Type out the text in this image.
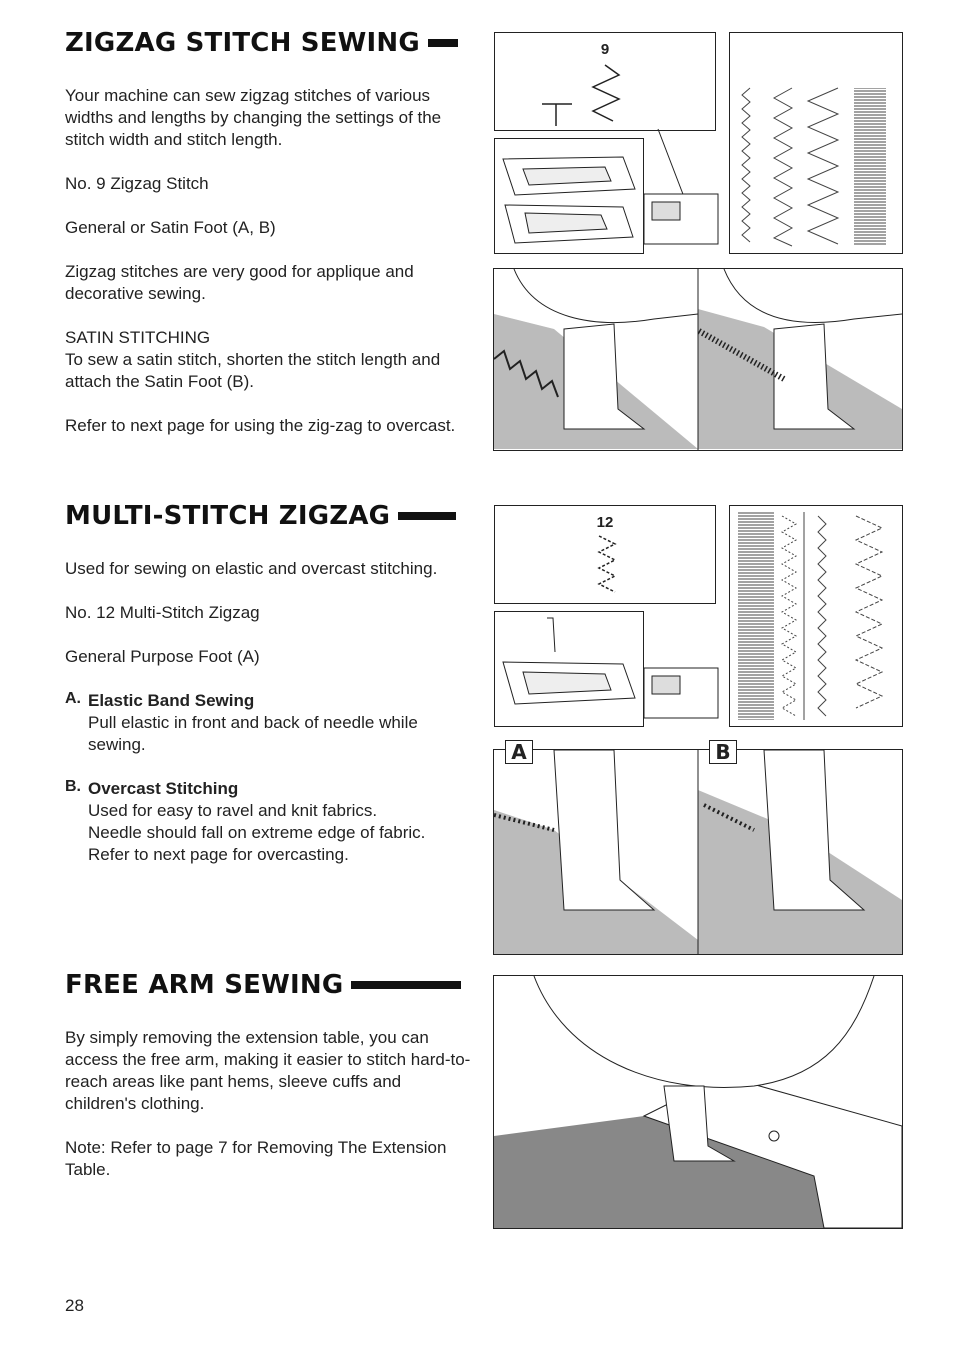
ZIGZAG STITCH SEWING

Your machine can sew zigzag stitches of various widths and lengths by changing the settings of the stitch width and stitch length.

No. 9 Zigzag Stitch

General or Satin Foot (A, B)

Zigzag stitches are very good for applique and decorative sewing.

SATIN STITCHING

To sew a satin stitch, shorten the stitch length and attach the Satin Foot (B).

Refer to next page for using the zig-zag to overcast.

MULTI-STITCH ZIGZAG

Used for sewing on elastic and overcast stitching.

No. 12 Multi-Stitch Zigzag

General Purpose Foot (A)

A. Elastic Band Sewing

Pull elastic in front and back of needle while sewing.

B. Overcast Stitching

Used for easy to ravel and knit fabrics.

Needle should fall on extreme edge of fabric.

Refer to next page for overcasting.

FREE ARM SEWING

By simply removing the extension table, you can access the free arm, making it easier to stitch hard-to-reach areas like pant hems, sleeve cuffs and children's clothing.

Note: Refer to page 7 for Removing The Extension Table.

9
12
A	B
28
